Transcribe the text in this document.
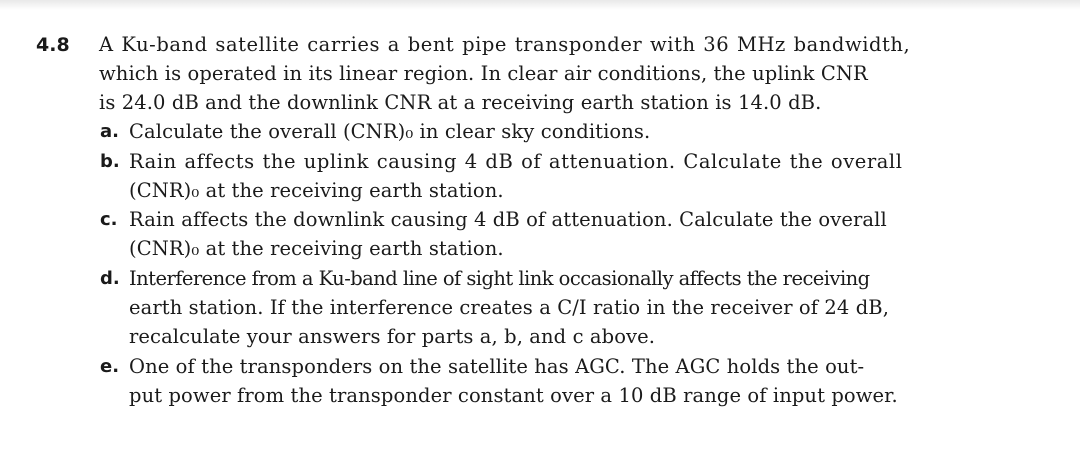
4.8 A Ku-band satellite carries a bent pipe transponder with 36 MHz bandwidth,
which is operated in its linear region. In clear air conditions, the uplink CNR
is 24.0 dB and the downlink CNR at a receiving earth station is 14.0 dB.
a. Calculate the overall (CNR)₀ in clear sky conditions.
b. Rain affects the uplink causing 4 dB of attenuation. Calculate the overall
(CNR)₀ at the receiving earth station.
c. Rain affects the downlink causing 4 dB of attenuation. Calculate the overall
(CNR)₀ at the receiving earth station.
d. Interference from a Ku-band line of sight link occasionally affects the receiving
earth station. If the interference creates a C/I ratio in the receiver of 24 dB,
recalculate your answers for parts a, b, and c above.
e. One of the transponders on the satellite has AGC. The AGC holds the out-
put power from the transponder constant over a 10 dB range of input power.
